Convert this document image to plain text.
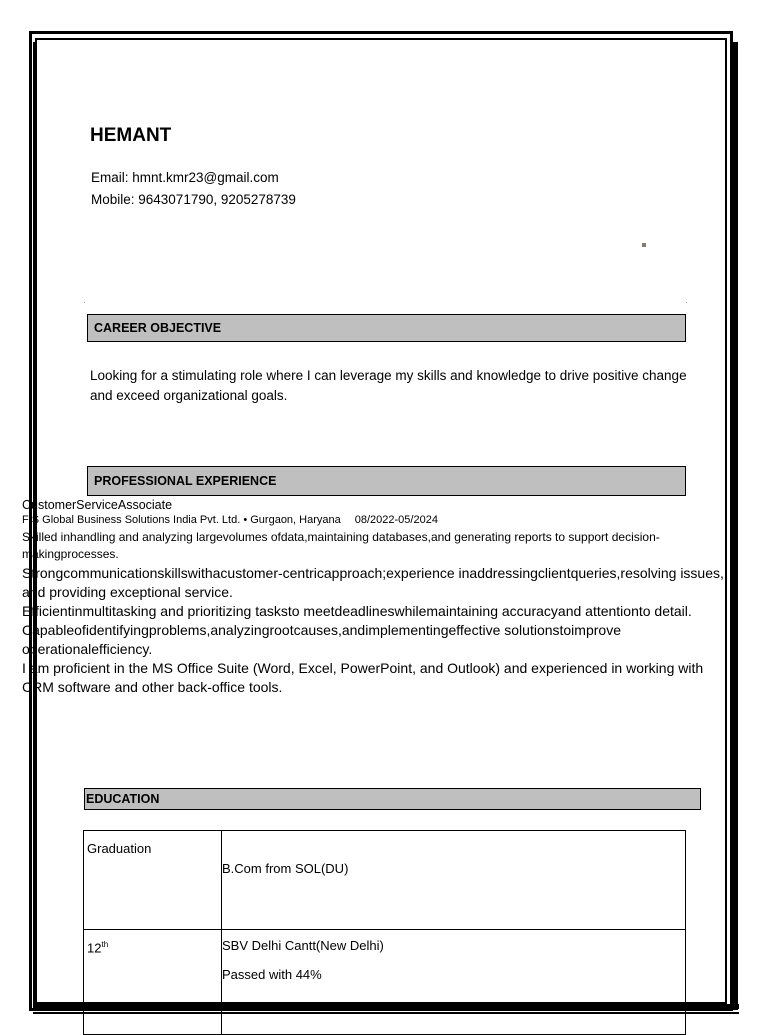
HEMANT
Email: hmnt.kmr23@gmail.com
Mobile: 9643071790, 9205278739
CAREER OBJECTIVE
Looking for a stimulating role where I can leverage my skills and knowledge to drive positive change and exceed organizational goals.
PROFESSIONAL EXPERIENCE
CustomerServiceAssociate
FIS Global Business Solutions India Pvt. Ltd. • Gurgaon, Haryana 08/2022-05/2024
Skilled inhandling and analyzing largevolumes ofdata,maintaining databases,and generating reports to support decision-makingprocesses.
Strongcommunicationskillswithacustomer-centricapproach;experience inaddressingclientqueries,resolving issues, and providing exceptional service.
Efficientinmultitasking and prioritizing tasksto meetdeadlineswhilemaintaining accuracyand attentionto detail.
Capableofidentifyingproblems,analyzingrootcauses,andimplementingeffective solutionstoimprove operationalefficiency.
I am proficient in the MS Office Suite (Word, Excel, PowerPoint, and Outlook) and experienced in working with CRM software and other back-office tools.
EDUCATION
Graduation	B.Com from SOL(DU)
12th	SBV Delhi Cantt(New Delhi)
Passed with 44%
